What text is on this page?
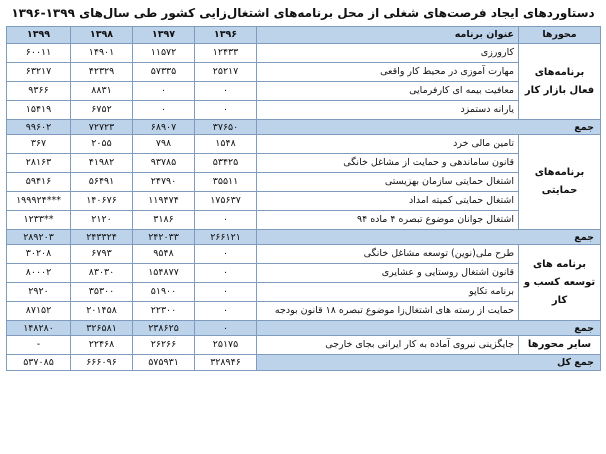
دستاوردهای ایجاد فرصت‌های شغلی از محل برنامه‌های اشتغال‌زایی کشور طی سال‌های ۱۳۹۹-۱۳۹۶
محورها	عنوان برنامه	۱۳۹۶	۱۳۹۷	۱۳۹۸	۱۳۹۹
برنامه‌های فعال بازار کار	کارورزی	۱۲۴۳۳	۱۱۵۷۲	۱۴۹۰۱	۶۰۰۱۱
	مهارت آموزی در محیط کار واقعی	۲۵۲۱۷	۵۷۳۳۵	۴۲۳۲۹	۶۳۲۱۷
	معافیت بیمه ای کارفرمایی	۰	۰	۸۸۳۱	۹۳۶۶
	یارانه دستمزد	۰	۰	۶۷۵۲	۱۵۴۱۹
جمع		۳۷۶۵۰	۶۸۹۰۷	۷۲۷۲۳	۹۹۶۰۲
برنامه‌های حمایتی	تامین مالی خرد	۱۵۴۸	۷۹۸	۲۰۵۵	۳۶۷
	قانون ساماندهی و حمایت از مشاغل خانگی	۵۳۴۲۵	۹۳۷۸۵	۴۱۹۸۲	۲۸۱۶۳
	اشتغال حمایتی سازمان بهزیستی	۳۵۵۱۱	۲۴۷۹۰	۵۶۴۹۱	۵۹۴۱۶
	اشتغال حمایتی کمیته امداد	۱۷۵۶۳۷	۱۱۹۴۷۴	۱۴۰۶۷۶	***۱۹۹۹۲۴
	اشتغال جوانان موضوع تبصره ۴ ماده ۹۴	۰	۳۱۸۶	۲۱۲۰	**۱۲۳۳
جمع		۲۶۶۱۲۱	۲۴۲۰۳۳	۲۴۳۳۲۴	۲۸۹۲۰۳
برنامه های توسعه کسب و کار	طرح ملی(نوین) توسعه مشاغل خانگی	۰	۹۵۴۸	۶۷۹۳	۳۰۲۰۸
	قانون اشتغال روستایی و عشایری	۰	۱۵۴۸۷۷	۸۳۰۳۰	۸۰۰۰۲
	برنامه تکاپو	۰	۵۱۹۰۰	۳۵۳۰۰	۲۹۲۰
	حمایت از رسته های اشتغال‌زا موضوع تبصره ۱۸ قانون بودجه	۰	۲۲۳۰۰	۲۰۱۴۵۸	۸۷۱۵۲
جمع		۰	۲۳۸۶۲۵	۳۲۶۵۸۱	۱۴۸۲۸۰
سایر محورها	جایگزینی نیروی آماده به کار ایرانی بجای خارجی	۲۵۱۷۵	۲۶۲۶۶	۲۲۴۶۸	-
جمع کل		۳۲۸۹۴۶	۵۷۵۹۳۱	۶۶۶۰۹۶	۵۳۷۰۸۵
